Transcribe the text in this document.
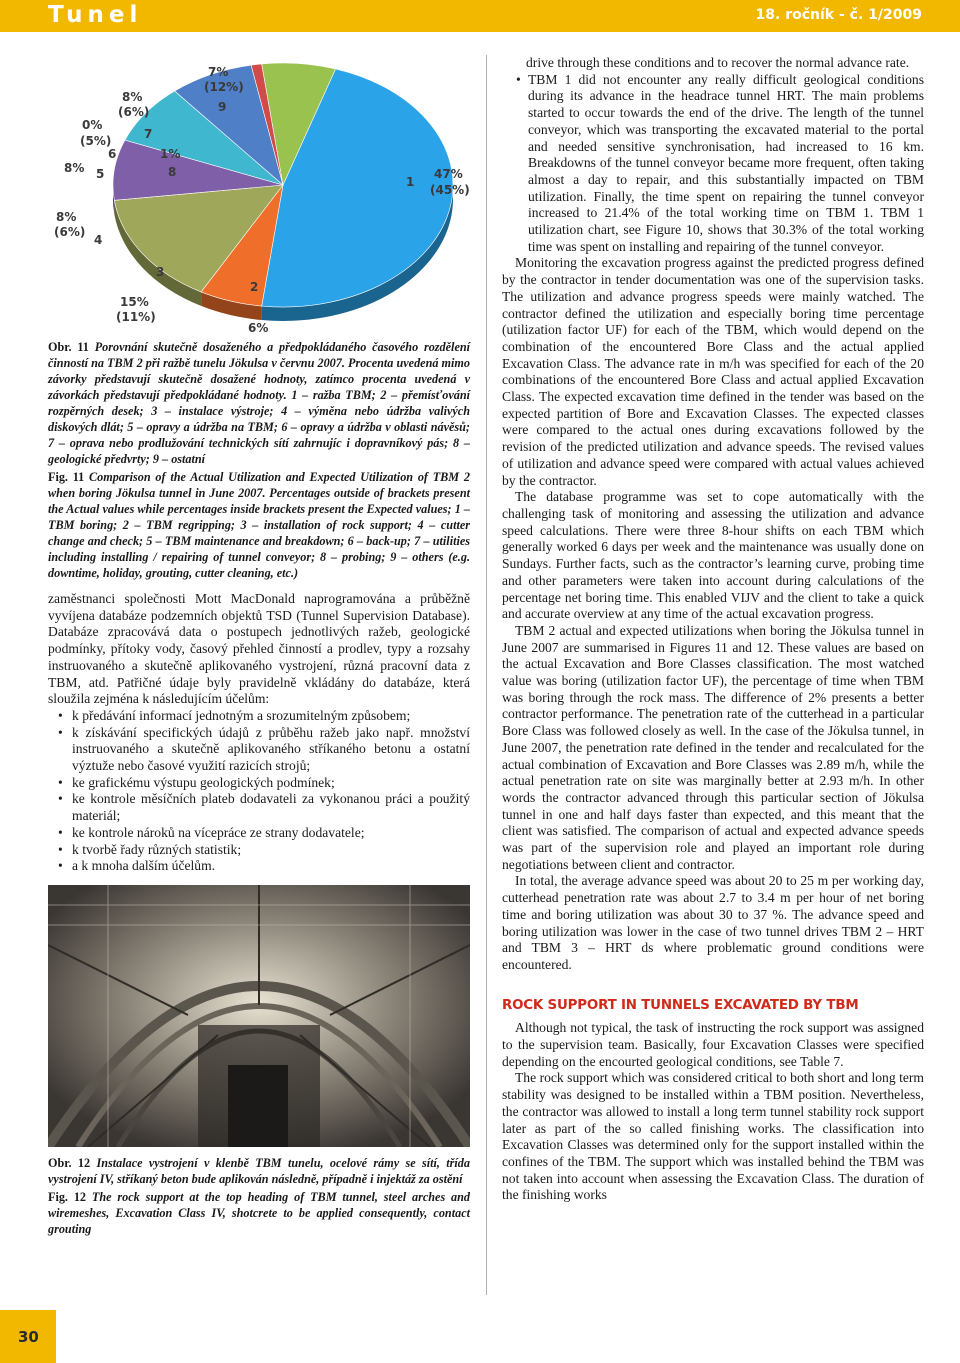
Tunel	18. ročník - č. 1/2009
7%
(12%)
9
1%
8
8%
(6%)
7
0%
(5%)
6
8% 5
8%
(6%)
4
3
15%
(11%)
2
6%
1
47%
(45%)

Obr. 11 Porovnání skutečně dosaženého a předpokládaného časového rozdělení činností na TBM 2 při ražbě tunelu Jökulsa v červnu 2007. Procenta uvedená mimo závorky představují skutečně dosažené hodnoty, zatímco procenta uvedená v závorkách představují předpokládané hodnoty. 1 – ražba TBM; 2 – přemísťování rozpěrných desek; 3 – instalace výstroje; 4 – výměna nebo údržba valivých diskových dlát; 5 – opravy a údržba na TBM; 6 – opravy a údržba v oblasti návěsů; 7 – oprava nebo prodlužování technických sítí zahrnujíc i dopravníkový pás; 8 – geologické předvrty; 9 – ostatní

Fig. 11 Comparison of the Actual Utilization and Expected Utilization of TBM 2 when boring Jökulsa tunnel in June 2007. Percentages outside of brackets present the Actual values while percentages inside brackets present the Expected values; 1 – TBM boring; 2 – TBM regripping; 3 – installation of rock support; 4 – cutter change and check; 5 – TBM maintenance and breakdown; 6 – back-up; 7 – utilities including installing / repairing of tunnel conveyor; 8 – probing; 9 – others (e.g. downtime, holiday, grouting, cutter cleaning, etc.)

zaměstnanci společnosti Mott MacDonald naprogramována a průběžně vyvíjena databáze podzemních objektů TSD (Tunnel Supervision Database). Databáze zpracovává data o postupech jednotlivých ražeb, geologické podmínky, přítoky vody, časový přehled činností a prodlev, typy a rozsahy instruovaného a skutečně aplikovaného vystrojení, různá pracovní data z TBM, atd. Patřičné údaje byly pravidelně vkládány do databáze, která sloužila zejména k následujícím účelům:

• k předávání informací jednotným a srozumitelným způsobem;
• k získávání specifických údajů z průběhu ražeb jako např. množství instruovaného a skutečně aplikovaného stříkaného betonu a ostatní výztuže nebo časové využití razicích strojů;
• ke grafickému výstupu geologických podmínek;
• ke kontrole měsíčních plateb dodavateli za vykonanou práci a použitý materiál;
• ke kontrole nároků na vícepráce ze strany dodavatele;
• k tvorbě řady různých statistik;
• a k mnoha dalším účelům.

Obr. 12 Instalace vystrojení v klenbě TBM tunelu, ocelové rámy se sítí, třída vystrojení IV, stříkaný beton bude aplikován následně, případně i injektáž za ostění

Fig. 12 The rock support at the top heading of TBM tunnel, steel arches and wiremeshes, Excavation Class IV, shotcrete to be applied consequently, contact grouting

drive through these conditions and to recover the normal advance rate.

• TBM 1 did not encounter any really difficult geological conditions during its advance in the headrace tunnel HRT. The main problems started to occur towards the end of the drive. The length of the tunnel conveyor, which was transporting the excavated material to the portal and needed sensitive synchronisation, had increased to 16 km. Breakdowns of the tunnel conveyor became more frequent, often taking almost a day to repair, and this substantially impacted on TBM utilization. Finally, the time spent on repairing the tunnel conveyor increased to 21.4% of the total working time on TBM 1. TBM 1 utilization chart, see Figure 10, shows that 30.3% of the total working time was spent on installing and repairing of the tunnel conveyor.

Monitoring the excavation progress against the predicted progress defined by the contractor in tender documentation was one of the supervision tasks. The utilization and advance progress speeds were mainly watched. The contractor defined the utilization and especially boring time percentage (utilization factor UF) for each of the TBM, which would depend on the combination of the encountered Bore Class and the actual applied Excavation Class. The advance rate in m/h was specified for each of the 20 combinations of the encountered Bore Class and actual applied Excavation Class. The expected excavation time defined in the tender was based on the expected partition of Bore and Excavation Classes. The expected classes were compared to the actual ones during excavations followed by the revision of the predicted utilization and advance speeds. The revised values of utilization and advance speed were compared with actual values achieved by the contractor.

The database programme was set to cope automatically with the challenging task of monitoring and assessing the utilization and advance speed calculations. There were three 8-hour shifts on each TBM which generally worked 6 days per week and the maintenance was usually done on Sundays. Further facts, such as the contractor’s learning curve, probing time and other parameters were taken into account during calculations of the percentage net boring time. This enabled VIJV and the client to take a quick and accurate overview at any time of the actual excavation progress.

TBM 2 actual and expected utilizations when boring the Jökulsa tunnel in June 2007 are summarised in Figures 11 and 12. These values are based on the actual Excavation and Bore Classes classification. The most watched value was boring (utilization factor UF), the percentage of time when TBM was boring through the rock mass. The difference of 2% presents a better contractor performance. The penetration rate of the cutterhead in a particular Bore Class was followed closely as well. In the case of the Jökulsa tunnel, in June 2007, the penetration rate defined in the tender and recalculated for the actual combination of Excavation and Bore Classes was 2.89 m/h, while the actual penetration rate on site was marginally better at 2.93 m/h. In other words the contractor advanced through this particular section of Jökulsa tunnel in one and half days faster than expected, and this meant that the client was satisfied. The comparison of actual and expected advance speeds was part of the supervision role and played an important role during negotiations between client and contractor.

In total, the average advance speed was about 20 to 25 m per working day, cutterhead penetration rate was about 2.7 to 3.4 m per hour of net boring time and boring utilization was about 30 to 37 %. The advance speed and boring utilization was lower in the case of two tunnel drives TBM 2 – HRT and TBM 3 – HRT ds where problematic ground conditions were encountered.

ROCK SUPPORT IN TUNNELS EXCAVATED BY TBM

Although not typical, the task of instructing the rock support was assigned to the supervision team. Basically, four Excavation Classes were specified depending on the encourted geological conditions, see Table 7.

The rock support which was considered critical to both short and long term stability was designed to be installed within a TBM position. Nevertheless, the contractor was allowed to install a long term tunnel stability rock support later as part of the so called finishing works. The classification into Excavation Classes was determined only for the support installed within the confines of the TBM. The support which was installed behind the TBM was not taken into account when assessing the Excavation Class. The duration of the finishing works

30
